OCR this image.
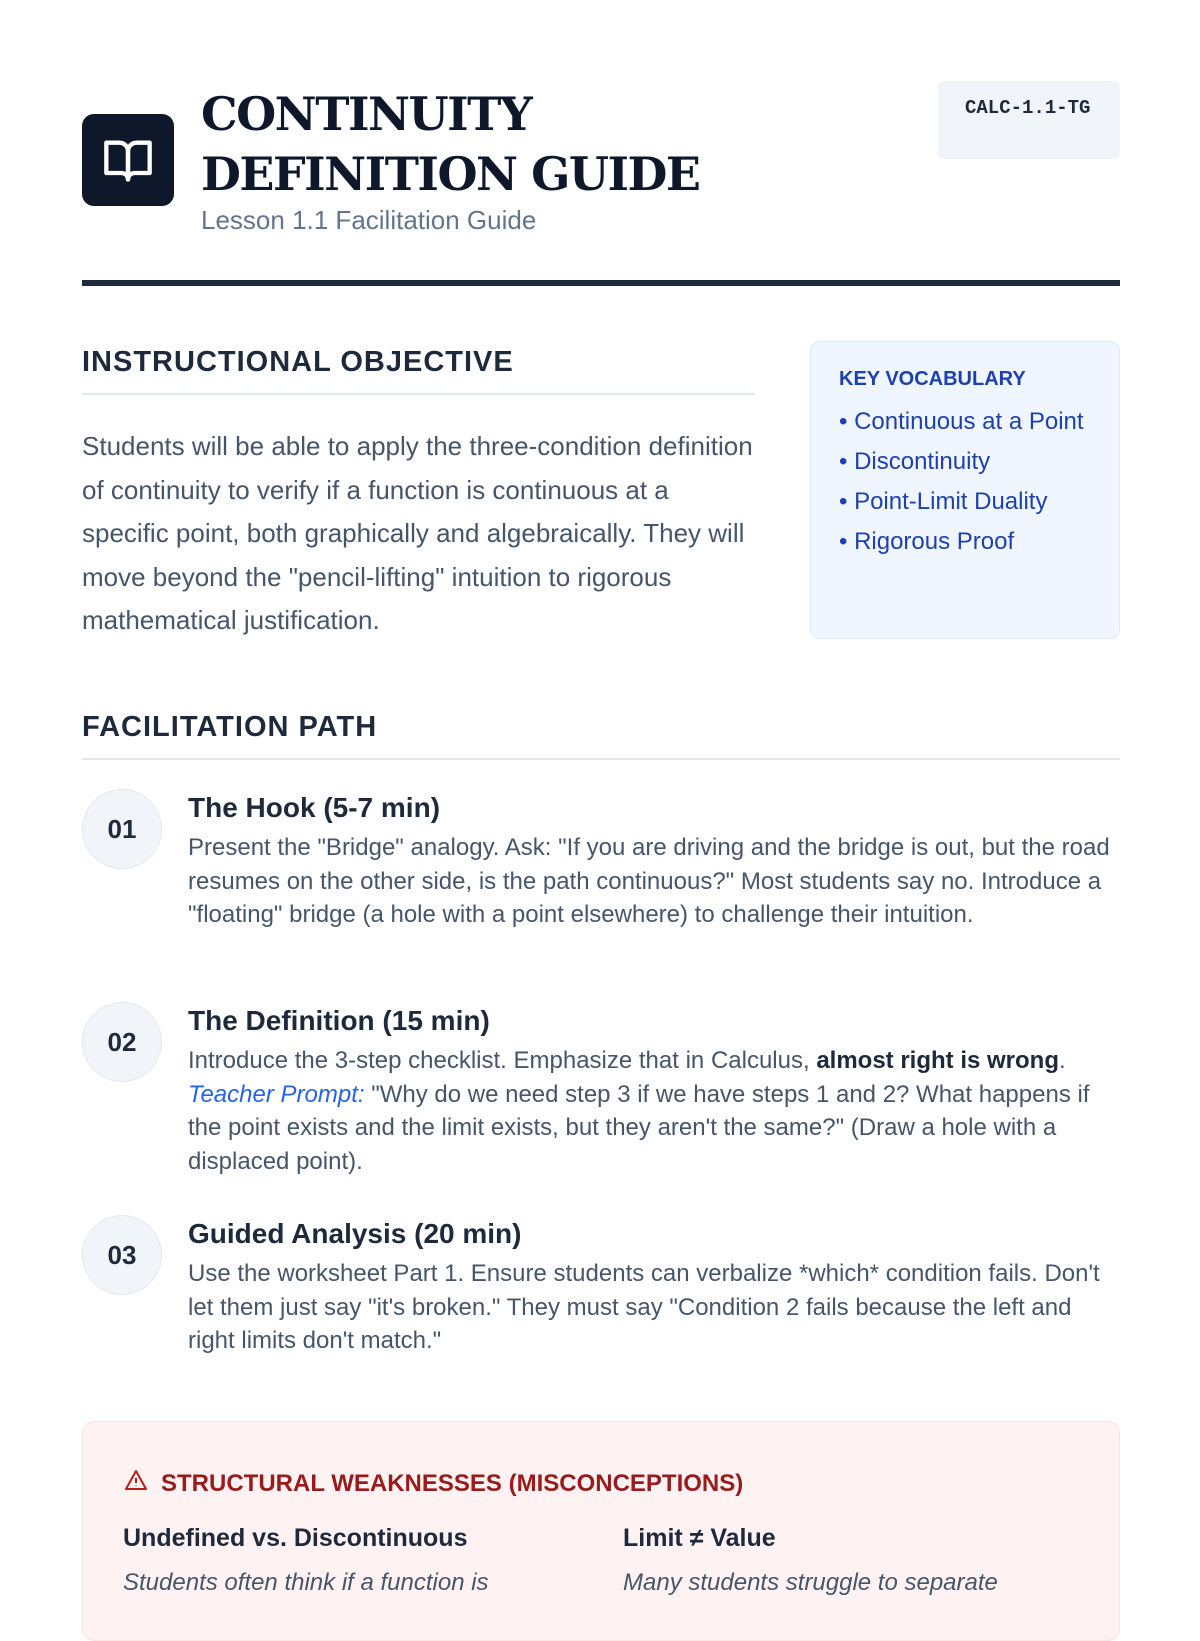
CONTINUITY DEFINITION GUIDE
Lesson 1.1 Facilitation Guide
CALC-1.1-TG
INSTRUCTIONAL OBJECTIVE
Students will be able to apply the three-condition definition of continuity to verify if a function is continuous at a specific point, both graphically and algebraically. They will move beyond the "pencil-lifting" intuition to rigorous mathematical justification.
KEY VOCABULARY
• Continuous at a Point
• Discontinuity
• Point-Limit Duality
• Rigorous Proof
FACILITATION PATH
01
The Hook (5-7 min)
Present the "Bridge" analogy. Ask: "If you are driving and the bridge is out, but the road resumes on the other side, is the path continuous?" Most students say no. Introduce a "floating" bridge (a hole with a point elsewhere) to challenge their intuition.
02
The Definition (15 min)
Introduce the 3-step checklist. Emphasize that in Calculus, almost right is wrong. Teacher Prompt: "Why do we need step 3 if we have steps 1 and 2? What happens if the point exists and the limit exists, but they aren't the same?" (Draw a hole with a displaced point).
03
Guided Analysis (20 min)
Use the worksheet Part 1. Ensure students can verbalize *which* condition fails. Don't let them just say "it's broken." They must say "Condition 2 fails because the left and right limits don't match."
STRUCTURAL WEAKNESSES (MISCONCEPTIONS)
Undefined vs. Discontinuous
Students often think if a function is
Limit ≠ Value
Many students struggle to separate
